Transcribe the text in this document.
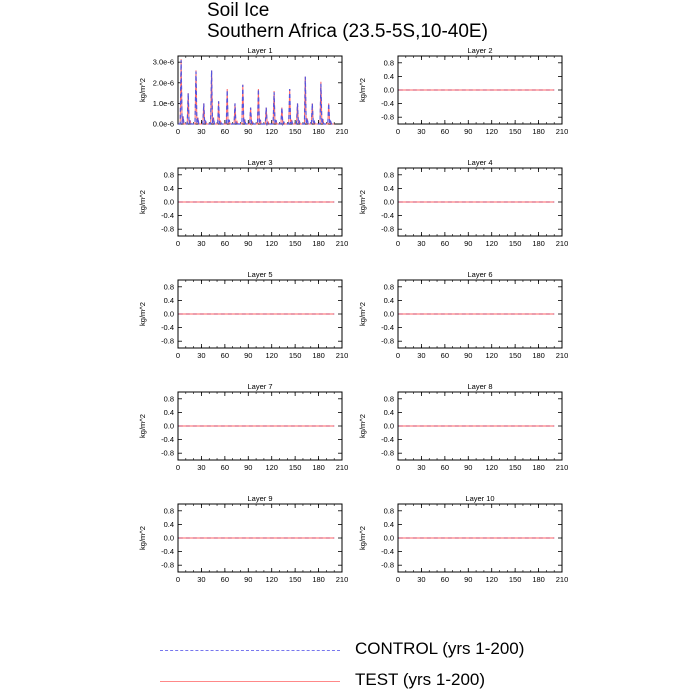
Soil Ice
Southern Africa (23.5-5S,10-40E)
Layer 1
kg/m^2
0 30 60 90 120 150 180 210
0.0e-6
1.0e-6
2.0e-6
3.0e-6
Layer 2
kg/m^2
0 30 60 90 120 150 180 210
0.8
0.4
0.0
-0.4
-0.8
Layer 3
kg/m^2
0 30 60 90 120 150 180 210
0.8
0.4
0.0
-0.4
-0.8
Layer 4
kg/m^2
0 30 60 90 120 150 180 210
0.8
0.4
0.0
-0.4
-0.8
Layer 5
kg/m^2
0 30 60 90 120 150 180 210
0.8
0.4
0.0
-0.4
-0.8
Layer 6
kg/m^2
0 30 60 90 120 150 180 210
0.8
0.4
0.0
-0.4
-0.8
Layer 7
kg/m^2
0 30 60 90 120 150 180 210
0.8
0.4
0.0
-0.4
-0.8
Layer 8
kg/m^2
0 30 60 90 120 150 180 210
0.8
0.4
0.0
-0.4
-0.8
Layer 9
kg/m^2
0 30 60 90 120 150 180 210
0.8
0.4
0.0
-0.4
-0.8
Layer 10
kg/m^2
0 30 60 90 120 150 180 210
0.8
0.4
0.0
-0.4
-0.8
CONTROL (yrs 1-200)
TEST (yrs 1-200)
